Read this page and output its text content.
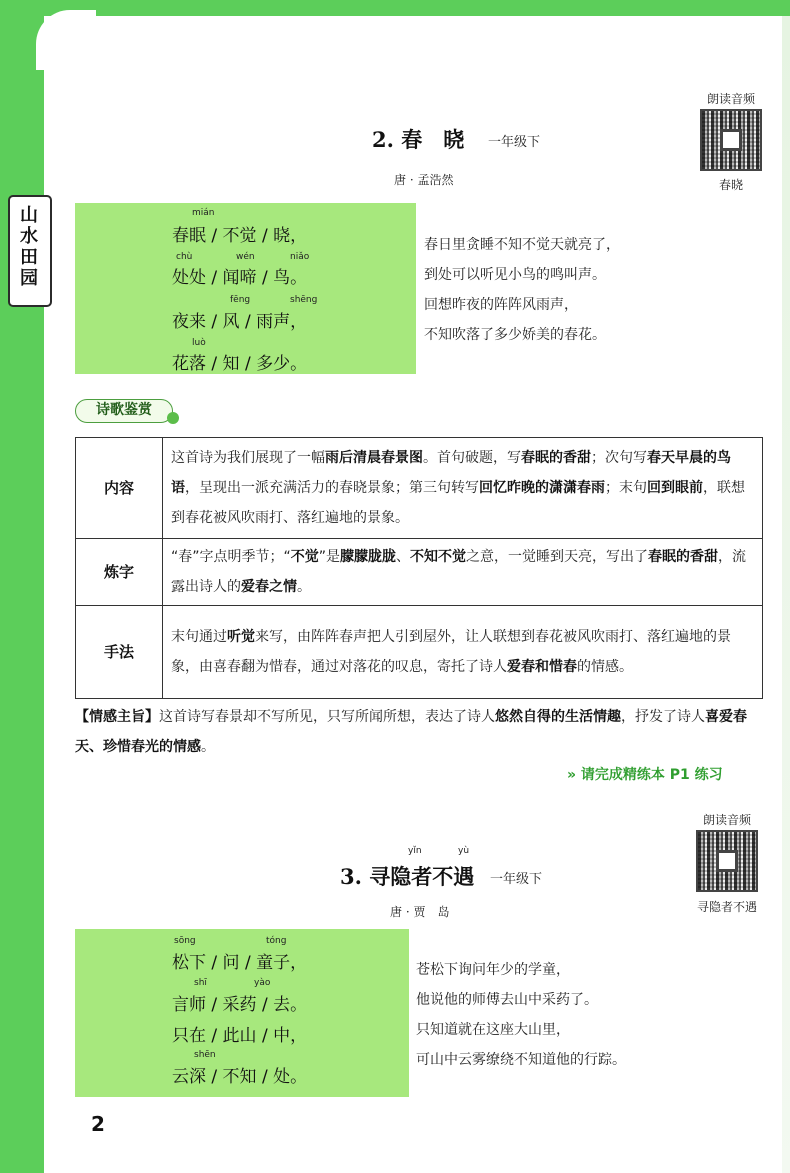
山水田园
朗读音频
春晓
2. 春　晓 一年级下
唐 · 孟浩然
mián
春眠 / 不觉 / 晓，
chù	wén	niǎo
处处 / 闻啼 / 鸟。
fēng	shēng
夜来 / 风 / 雨声，
luò
花落 / 知 / 多少。
春日里贪睡不知不觉天就亮了，
到处可以听见小鸟的鸣叫声。
回想昨夜的阵阵风雨声，
不知吹落了多少娇美的春花。
诗歌鉴赏
内容	这首诗为我们展现了一幅雨后清晨春景图。首句破题，写春眠的香甜；次句写春天早晨的鸟语，呈现出一派充满活力的春晓景象；第三句转写回忆昨晚的潇潇春雨；末句回到眼前，联想到春花被风吹雨打、落红遍地的景象。
炼字	“春”字点明季节；“不觉”是朦朦胧胧、不知不觉之意，一觉睡到天亮，写出了春眠的香甜，流露出诗人的爱春之情。
手法	末句通过听觉来写，由阵阵春声把人引到屋外，让人联想到春花被风吹雨打、落红遍地的景象，由喜春翻为惜春，通过对落花的叹息，寄托了诗人爱春和惜春的情感。
【情感主旨】这首诗写春景却不写所见，只写所闻所想，表达了诗人悠然自得的生活情趣，抒发了诗人喜爱春天、珍惜春光的情感。
» 请完成精练本 P1 练习
朗读音频
寻隐者不遇
yǐn	yù
3. 寻隐者不遇 一年级下
唐 · 贾　岛
sōng	tóng
松下 / 问 / 童子，
shī	yào
言师 / 采药 / 去。
只在 / 此山 / 中，
shēn
云深 / 不知 / 处。
苍松下询问年少的学童，
他说他的师傅去山中采药了。
只知道就在这座大山里，
可山中云雾缭绕不知道他的行踪。
2
